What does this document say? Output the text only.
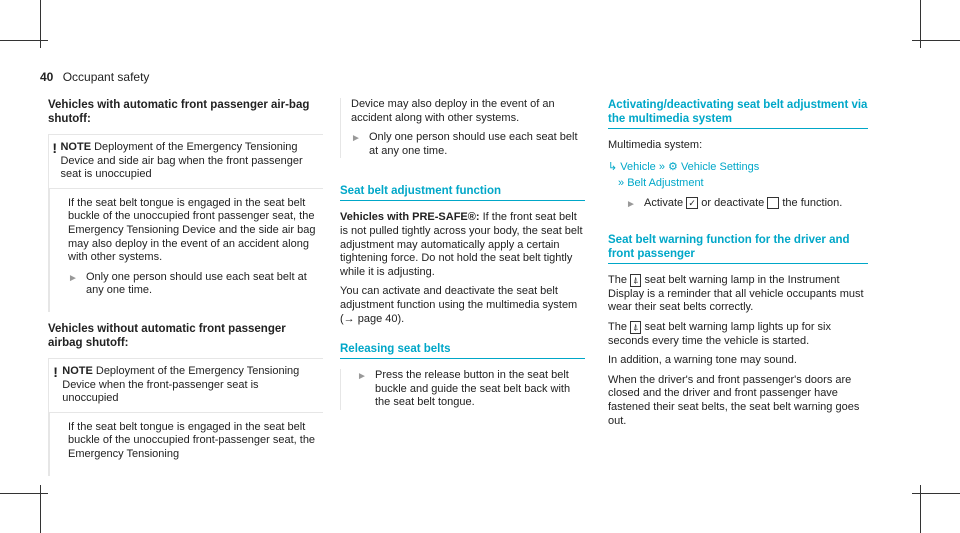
40 Occupant safety
Vehicles with automatic front passenger air-bag shutoff:
! NOTE Deployment of the Emergency Tensioning Device and side air bag when the front passenger seat is unoccupied

If the seat belt tongue is engaged in the seat belt buckle of the unoccupied front passenger seat, the Emergency Tensioning Device and the side air bag may also deploy in the event of an accident along with other systems.

► Only one person should use each seat belt at any one time.
Vehicles without automatic front passenger airbag shutoff:
! NOTE Deployment of the Emergency Tensioning Device when the front-passenger seat is unoccupied

If the seat belt tongue is engaged in the seat belt buckle of the unoccupied front-passenger seat, the Emergency Tensioning

Device may also deploy in the event of an accident along with other systems.

► Only one person should use each seat belt at any one time.
Seat belt adjustment function

Vehicles with PRE-SAFE®: If the front seat belt is not pulled tightly across your body, the seat belt adjustment may automatically apply a certain tightening force. Do not hold the seat belt tightly while it is adjusting.

You can activate and deactivate the seat belt adjustment function using the multimedia system (→ page 40).

Releasing seat belts
► Press the release button in the seat belt buckle and guide the seat belt back with the seat belt tongue.
Activating/deactivating seat belt adjustment via the multimedia system

Multimedia system:

↳ Vehicle » ⚙ Vehicle Settings
» Belt Adjustment
► Activate ✓ or deactivate the function.
Seat belt warning function for the driver and front passenger

The ⍋ seat belt warning lamp in the Instrument Display is a reminder that all vehicle occupants must wear their seat belts correctly.

The ⍋ seat belt warning lamp lights up for six seconds every time the vehicle is started.

In addition, a warning tone may sound.

When the driver's and front passenger's doors are closed and the driver and front passenger have fastened their seat belts, the seat belt warning goes out.
